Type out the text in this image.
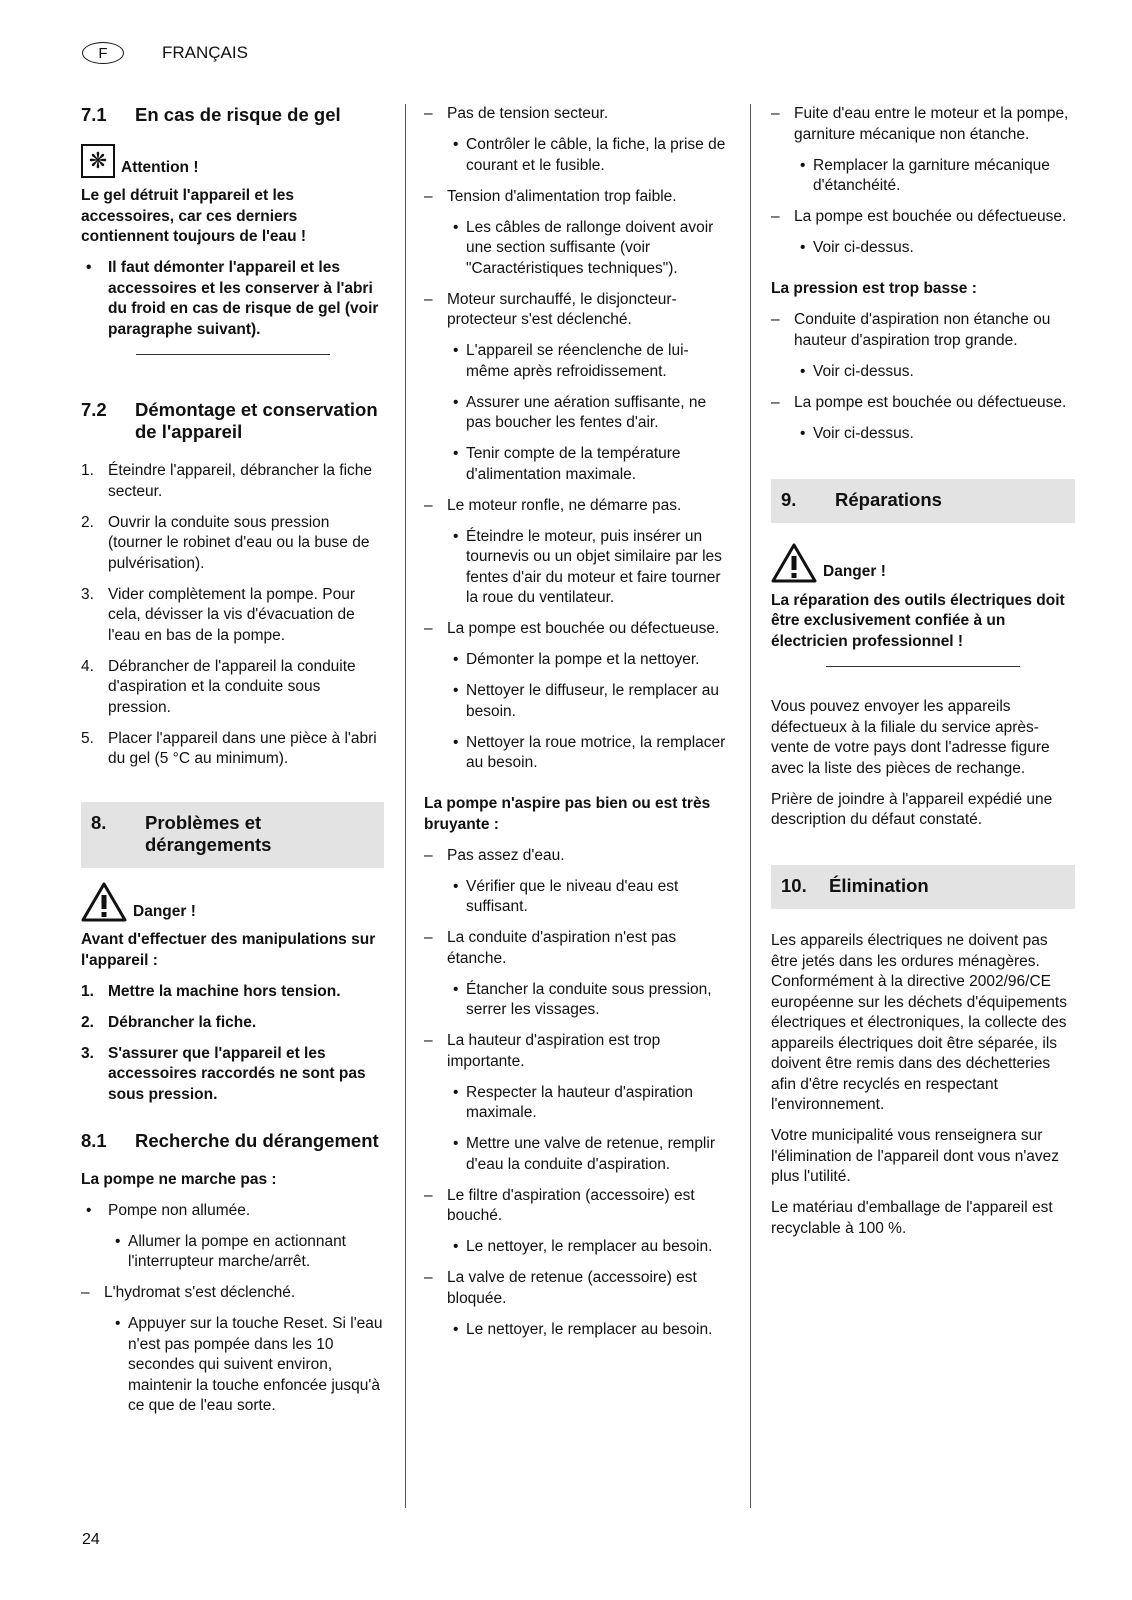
F	FRANÇAIS
7.1	En cas de risque de gel
❋ Attention !

Le gel détruit l'appareil et les accessoires, car ces derniers contiennent toujours de l'eau !

•	Il faut démonter l'appareil et les accessoires et les conserver à l'abri du froid en cas de risque de gel (voir paragraphe suivant).
7.2	Démontage et conservation de l'appareil
1. Éteindre l'appareil, débrancher la fiche secteur.
2. Ouvrir la conduite sous pression (tourner le robinet d'eau ou la buse de pulvérisation).
3. Vider complètement la pompe. Pour cela, dévisser la vis d'évacuation de l'eau en bas de la pompe.
4. Débrancher de l'appareil la conduite d'aspiration et la conduite sous pression.
5. Placer l'appareil dans une pièce à l'abri du gel (5 °C au minimum).
8.	Problèmes et dérangements
Danger !

Avant d'effectuer des manipulations sur l'appareil :

1. Mettre la machine hors tension.
2. Débrancher la fiche.
3. S'assurer que l'appareil et les accessoires raccordés ne sont pas sous pression.
8.1	Recherche du dérangement

La pompe ne marche pas :

•	Pompe non allumée.
• Allumer la pompe en actionnant l'interrupteur marche/arrêt.
– L'hydromat s'est déclenché.
• Appuyer sur la touche Reset. Si l'eau n'est pas pompée dans les 10 secondes qui suivent environ, maintenir la touche enfoncée jusqu'à ce que de l'eau sorte.
– Pas de tension secteur.
• Contrôler le câble, la fiche, la prise de courant et le fusible.
– Tension d'alimentation trop faible.
• Les câbles de rallonge doivent avoir une section suffisante (voir "Caractéristiques techniques").
– Moteur surchauffé, le disjoncteur-protecteur s'est déclenché.
• L'appareil se réenclenche de lui-même après refroidissement.
• Assurer une aération suffisante, ne pas boucher les fentes d'air.
• Tenir compte de la température d'alimentation maximale.
– Le moteur ronfle, ne démarre pas.
• Éteindre le moteur, puis insérer un tournevis ou un objet similaire par les fentes d'air du moteur et faire tourner la roue du ventilateur.
– La pompe est bouchée ou défectueuse.
• Démonter la pompe et la nettoyer.
• Nettoyer le diffuseur, le remplacer au besoin.
• Nettoyer la roue motrice, la remplacer au besoin.

La pompe n'aspire pas bien ou est très bruyante :

– Pas assez d'eau.
• Vérifier que le niveau d'eau est suffisant.
– La conduite d'aspiration n'est pas étanche.
• Étancher la conduite sous pression, serrer les vissages.
– La hauteur d'aspiration est trop importante.
• Respecter la hauteur d'aspiration maximale.
• Mettre une valve de retenue, remplir d'eau la conduite d'aspiration.
– Le filtre d'aspiration (accessoire) est bouché.
• Le nettoyer, le remplacer au besoin.
– La valve de retenue (accessoire) est bloquée.
• Le nettoyer, le remplacer au besoin.
– Fuite d'eau entre le moteur et la pompe, garniture mécanique non étanche.
• Remplacer la garniture mécanique d'étanchéité.
– La pompe est bouchée ou défectueuse.
• Voir ci-dessus.

La pression est trop basse :

– Conduite d'aspiration non étanche ou hauteur d'aspiration trop grande.
• Voir ci-dessus.
– La pompe est bouchée ou défectueuse.
• Voir ci-dessus.
9.	Réparations
Danger !

La réparation des outils électriques doit être exclusivement confiée à un électricien professionnel !

Vous pouvez envoyer les appareils défectueux à la filiale du service après-vente de votre pays dont l'adresse figure avec la liste des pièces de rechange.

Prière de joindre à l'appareil expédié une description du défaut constaté.

10.	Élimination

Les appareils électriques ne doivent pas être jetés dans les ordures ménagères. Conformément à la directive 2002/96/CE européenne sur les déchets d'équipements électriques et électroniques, la collecte des appareils électriques doit être séparée, ils doivent être remis dans des déchetteries afin d'être recyclés en respectant l'environnement.

Votre municipalité vous renseignera sur l'élimination de l'appareil dont vous n'avez plus l'utilité.

Le matériau d'emballage de l'appareil est recyclable à 100 %.

24
